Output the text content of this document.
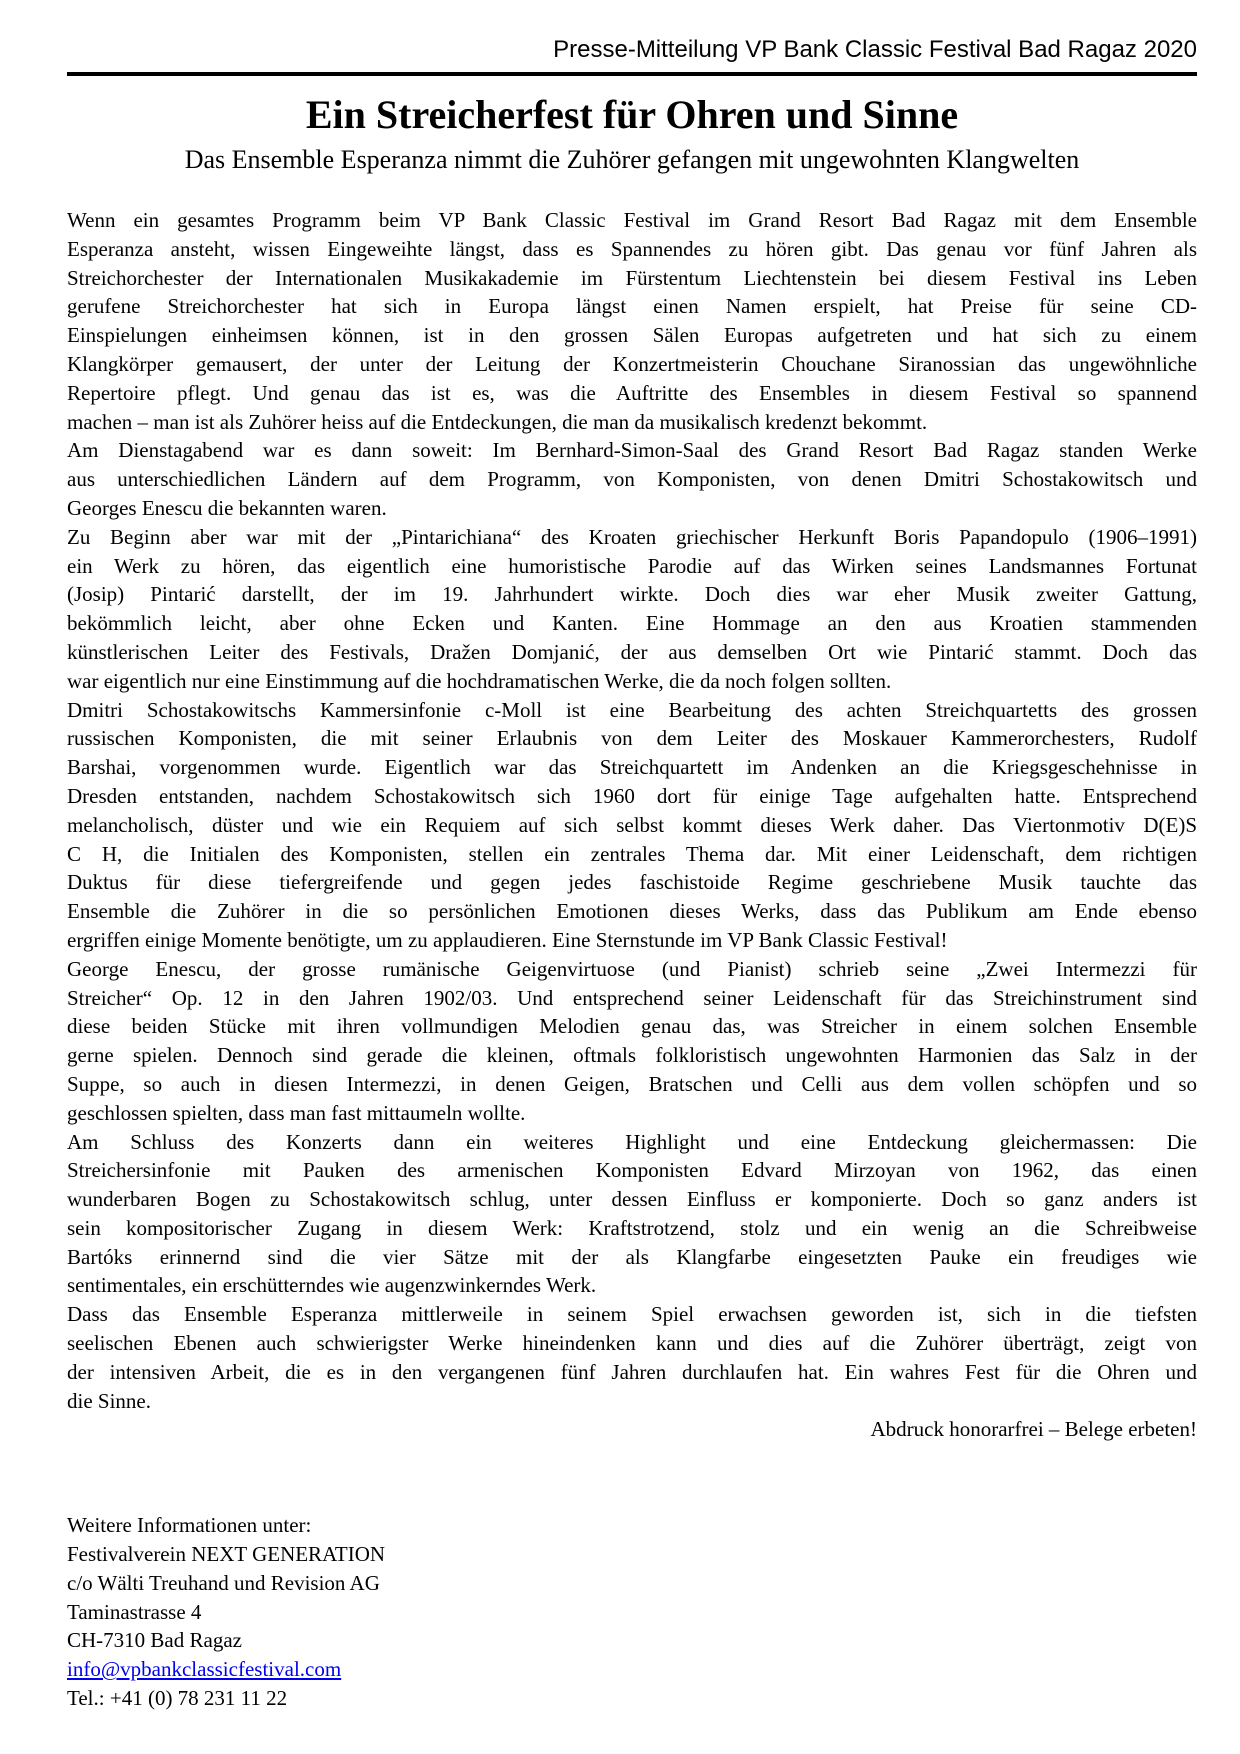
Presse-Mitteilung VP Bank Classic Festival Bad Ragaz 2020
Ein Streicherfest für Ohren und Sinne
Das Ensemble Esperanza nimmt die Zuhörer gefangen mit ungewohnten Klangwelten
Wenn ein gesamtes Programm beim VP Bank Classic Festival im Grand Resort Bad Ragaz mit dem Ensemble
Esperanza ansteht, wissen Eingeweihte längst, dass es Spannendes zu hören gibt. Das genau vor fünf Jahren als
Streichorchester der Internationalen Musikakademie im Fürstentum Liechtenstein bei diesem Festival ins Leben
gerufene Streichorchester hat sich in Europa längst einen Namen erspielt, hat Preise für seine CD-
Einspielungen einheimsen können, ist in den grossen Sälen Europas aufgetreten und hat sich zu einem
Klangkörper gemausert, der unter der Leitung der Konzertmeisterin Chouchane Siranossian das ungewöhnliche
Repertoire pflegt. Und genau das ist es, was die Auftritte des Ensembles in diesem Festival so spannend
machen – man ist als Zuhörer heiss auf die Entdeckungen, die man da musikalisch kredenzt bekommt.
Am Dienstagabend war es dann soweit: Im Bernhard-Simon-Saal des Grand Resort Bad Ragaz standen Werke
aus unterschiedlichen Ländern auf dem Programm, von Komponisten, von denen Dmitri Schostakowitsch und
Georges Enescu die bekannten waren.
Zu Beginn aber war mit der „Pintarichiana“ des Kroaten griechischer Herkunft Boris Papandopulo (1906–1991)
ein Werk zu hören, das eigentlich eine humoristische Parodie auf das Wirken seines Landsmannes Fortunat
(Josip) Pintarić darstellt, der im 19. Jahrhundert wirkte. Doch dies war eher Musik zweiter Gattung,
bekömmlich leicht, aber ohne Ecken und Kanten. Eine Hommage an den aus Kroatien stammenden
künstlerischen Leiter des Festivals, Dražen Domjanić, der aus demselben Ort wie Pintarić stammt. Doch das
war eigentlich nur eine Einstimmung auf die hochdramatischen Werke, die da noch folgen sollten.
Dmitri Schostakowitschs Kammersinfonie c-Moll ist eine Bearbeitung des achten Streichquartetts des grossen
russischen Komponisten, die mit seiner Erlaubnis von dem Leiter des Moskauer Kammerorchesters, Rudolf
Barshai, vorgenommen wurde. Eigentlich war das Streichquartett im Andenken an die Kriegsgeschehnisse in
Dresden entstanden, nachdem Schostakowitsch sich 1960 dort für einige Tage aufgehalten hatte. Entsprechend
melancholisch, düster und wie ein Requiem auf sich selbst kommt dieses Werk daher. Das Viertonmotiv D(E)S
C H, die Initialen des Komponisten, stellen ein zentrales Thema dar. Mit einer Leidenschaft, dem richtigen
Duktus für diese tiefergreifende und gegen jedes faschistoide Regime geschriebene Musik tauchte das
Ensemble die Zuhörer in die so persönlichen Emotionen dieses Werks, dass das Publikum am Ende ebenso
ergriffen einige Momente benötigte, um zu applaudieren. Eine Sternstunde im VP Bank Classic Festival!
George Enescu, der grosse rumänische Geigenvirtuose (und Pianist) schrieb seine „Zwei Intermezzi für
Streicher“ Op. 12 in den Jahren 1902/03. Und entsprechend seiner Leidenschaft für das Streichinstrument sind
diese beiden Stücke mit ihren vollmundigen Melodien genau das, was Streicher in einem solchen Ensemble
gerne spielen. Dennoch sind gerade die kleinen, oftmals folkloristisch ungewohnten Harmonien das Salz in der
Suppe, so auch in diesen Intermezzi, in denen Geigen, Bratschen und Celli aus dem vollen schöpfen und so
geschlossen spielten, dass man fast mittaumeln wollte.
Am Schluss des Konzerts dann ein weiteres Highlight und eine Entdeckung gleichermassen: Die
Streichersinfonie mit Pauken des armenischen Komponisten Edvard Mirzoyan von 1962, das einen
wunderbaren Bogen zu Schostakowitsch schlug, unter dessen Einfluss er komponierte. Doch so ganz anders ist
sein kompositorischer Zugang in diesem Werk: Kraftstrotzend, stolz und ein wenig an die Schreibweise
Bartóks erinnernd sind die vier Sätze mit der als Klangfarbe eingesetzten Pauke ein freudiges wie
sentimentales, ein erschütterndes wie augenzwinkerndes Werk.
Dass das Ensemble Esperanza mittlerweile in seinem Spiel erwachsen geworden ist, sich in die tiefsten
seelischen Ebenen auch schwierigster Werke hineindenken kann und dies auf die Zuhörer überträgt, zeigt von
der intensiven Arbeit, die es in den vergangenen fünf Jahren durchlaufen hat. Ein wahres Fest für die Ohren und
die Sinne.
Abdruck honorarfrei – Belege erbeten!
Weitere Informationen unter:
Festivalverein NEXT GENERATION
c/o Wälti Treuhand und Revision AG
Taminastrasse 4
CH-7310 Bad Ragaz
info@vpbankclassicfestival.com
Tel.: +41 (0) 78 231 11 22
